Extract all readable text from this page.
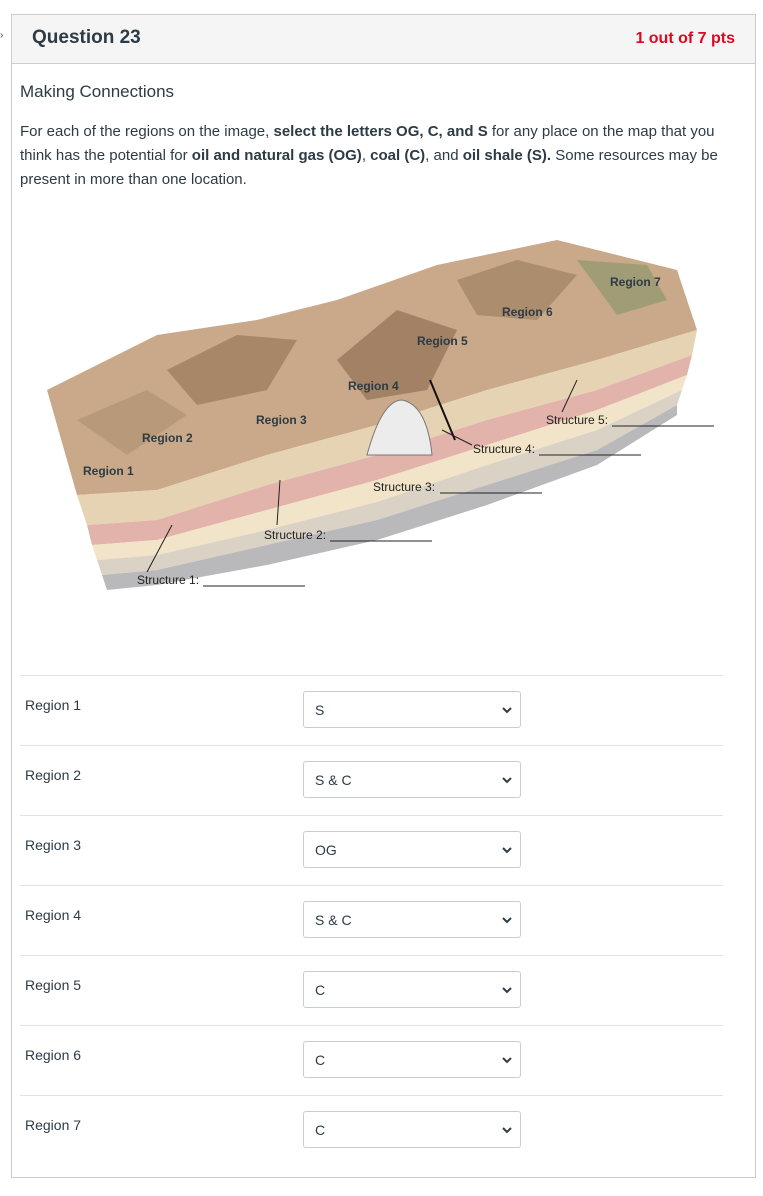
› Question 23	1 out of 7 pts

Making Connections

For each of the regions on the image, select the letters OG, C, and S for any place on the map that you think has the potential for oil and natural gas (OG), coal (C), and oil shale (S). Some resources may be present in more than one location.
Region 1
Region 2
Region 3
Region 4
Region 5
Region 6
Region 7
Structure 1:
Structure 2:
Structure 3:
Structure 4:
Structure 5:
Region 1	S
Region 2	S & C
Region 3	OG
Region 4	S & C
Region 5	C
Region 6	C
Region 7	C
